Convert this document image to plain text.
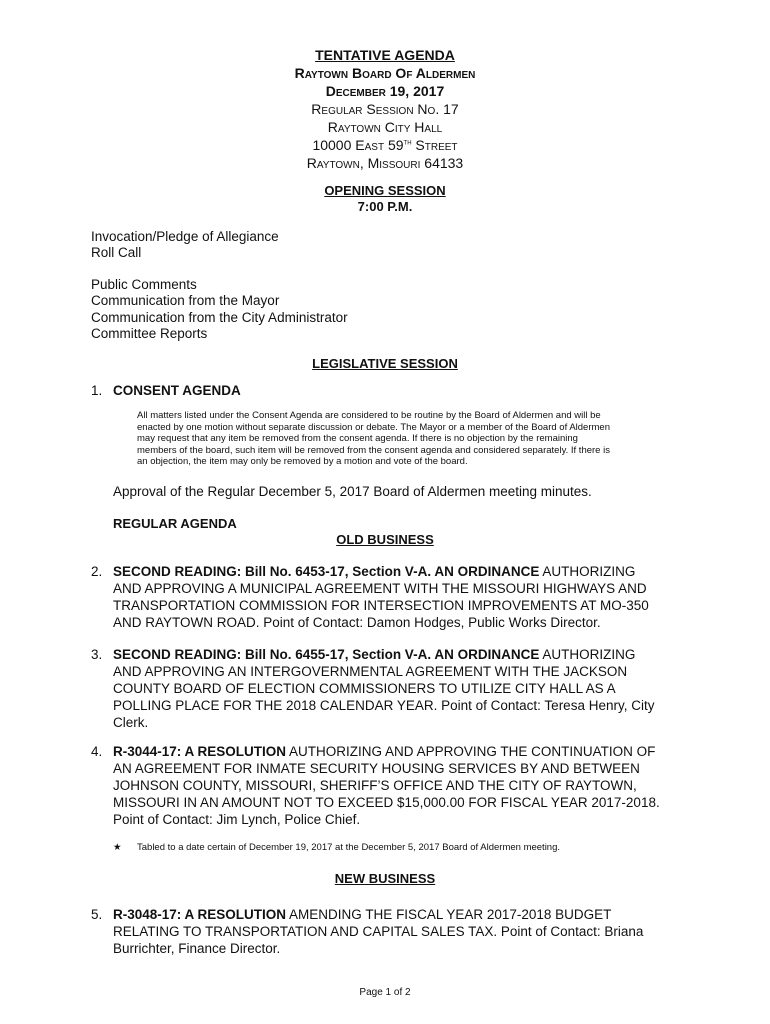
TENTATIVE AGENDA
Raytown Board Of Aldermen
December 19, 2017
Regular Session No. 17
Raytown City Hall
10000 East 59th Street
Raytown, Missouri 64133
OPENING SESSION
7:00 P.M.
Invocation/Pledge of Allegiance
Roll Call
Public Comments
Communication from the Mayor
Communication from the City Administrator
Committee Reports
LEGISLATIVE SESSION
1. CONSENT AGENDA
All matters listed under the Consent Agenda are considered to be routine by the Board of Aldermen and will be
enacted by one motion without separate discussion or debate. The Mayor or a member of the Board of Aldermen
may request that any item be removed from the consent agenda. If there is no objection by the remaining
members of the board, such item will be removed from the consent agenda and considered separately. If there is
an objection, the item may only be removed by a motion and vote of the board.
Approval of the Regular December 5, 2017 Board of Aldermen meeting minutes.
REGULAR AGENDA
OLD BUSINESS
2. SECOND READING: Bill No. 6453-17, Section V-A. AN ORDINANCE AUTHORIZING
AND APPROVING A MUNICIPAL AGREEMENT WITH THE MISSOURI HIGHWAYS AND
TRANSPORTATION COMMISSION FOR INTERSECTION IMPROVEMENTS AT MO-350
AND RAYTOWN ROAD. Point of Contact: Damon Hodges, Public Works Director.
3. SECOND READING: Bill No. 6455-17, Section V-A. AN ORDINANCE AUTHORIZING
AND APPROVING AN INTERGOVERNMENTAL AGREEMENT WITH THE JACKSON
COUNTY BOARD OF ELECTION COMMISSIONERS TO UTILIZE CITY HALL AS A
POLLING PLACE FOR THE 2018 CALENDAR YEAR. Point of Contact: Teresa Henry, City
Clerk.
4. R-3044-17: A RESOLUTION AUTHORIZING AND APPROVING THE CONTINUATION OF
AN AGREEMENT FOR INMATE SECURITY HOUSING SERVICES BY AND BETWEEN
JOHNSON COUNTY, MISSOURI, SHERIFF’S OFFICE AND THE CITY OF RAYTOWN,
MISSOURI IN AN AMOUNT NOT TO EXCEED $15,000.00 FOR FISCAL YEAR 2017-2018.
Point of Contact: Jim Lynch, Police Chief.
★ Tabled to a date certain of December 19, 2017 at the December 5, 2017 Board of Aldermen meeting.
NEW BUSINESS
5. R-3048-17: A RESOLUTION AMENDING THE FISCAL YEAR 2017-2018 BUDGET
RELATING TO TRANSPORTATION AND CAPITAL SALES TAX. Point of Contact: Briana
Burrichter, Finance Director.
Page 1 of 2
